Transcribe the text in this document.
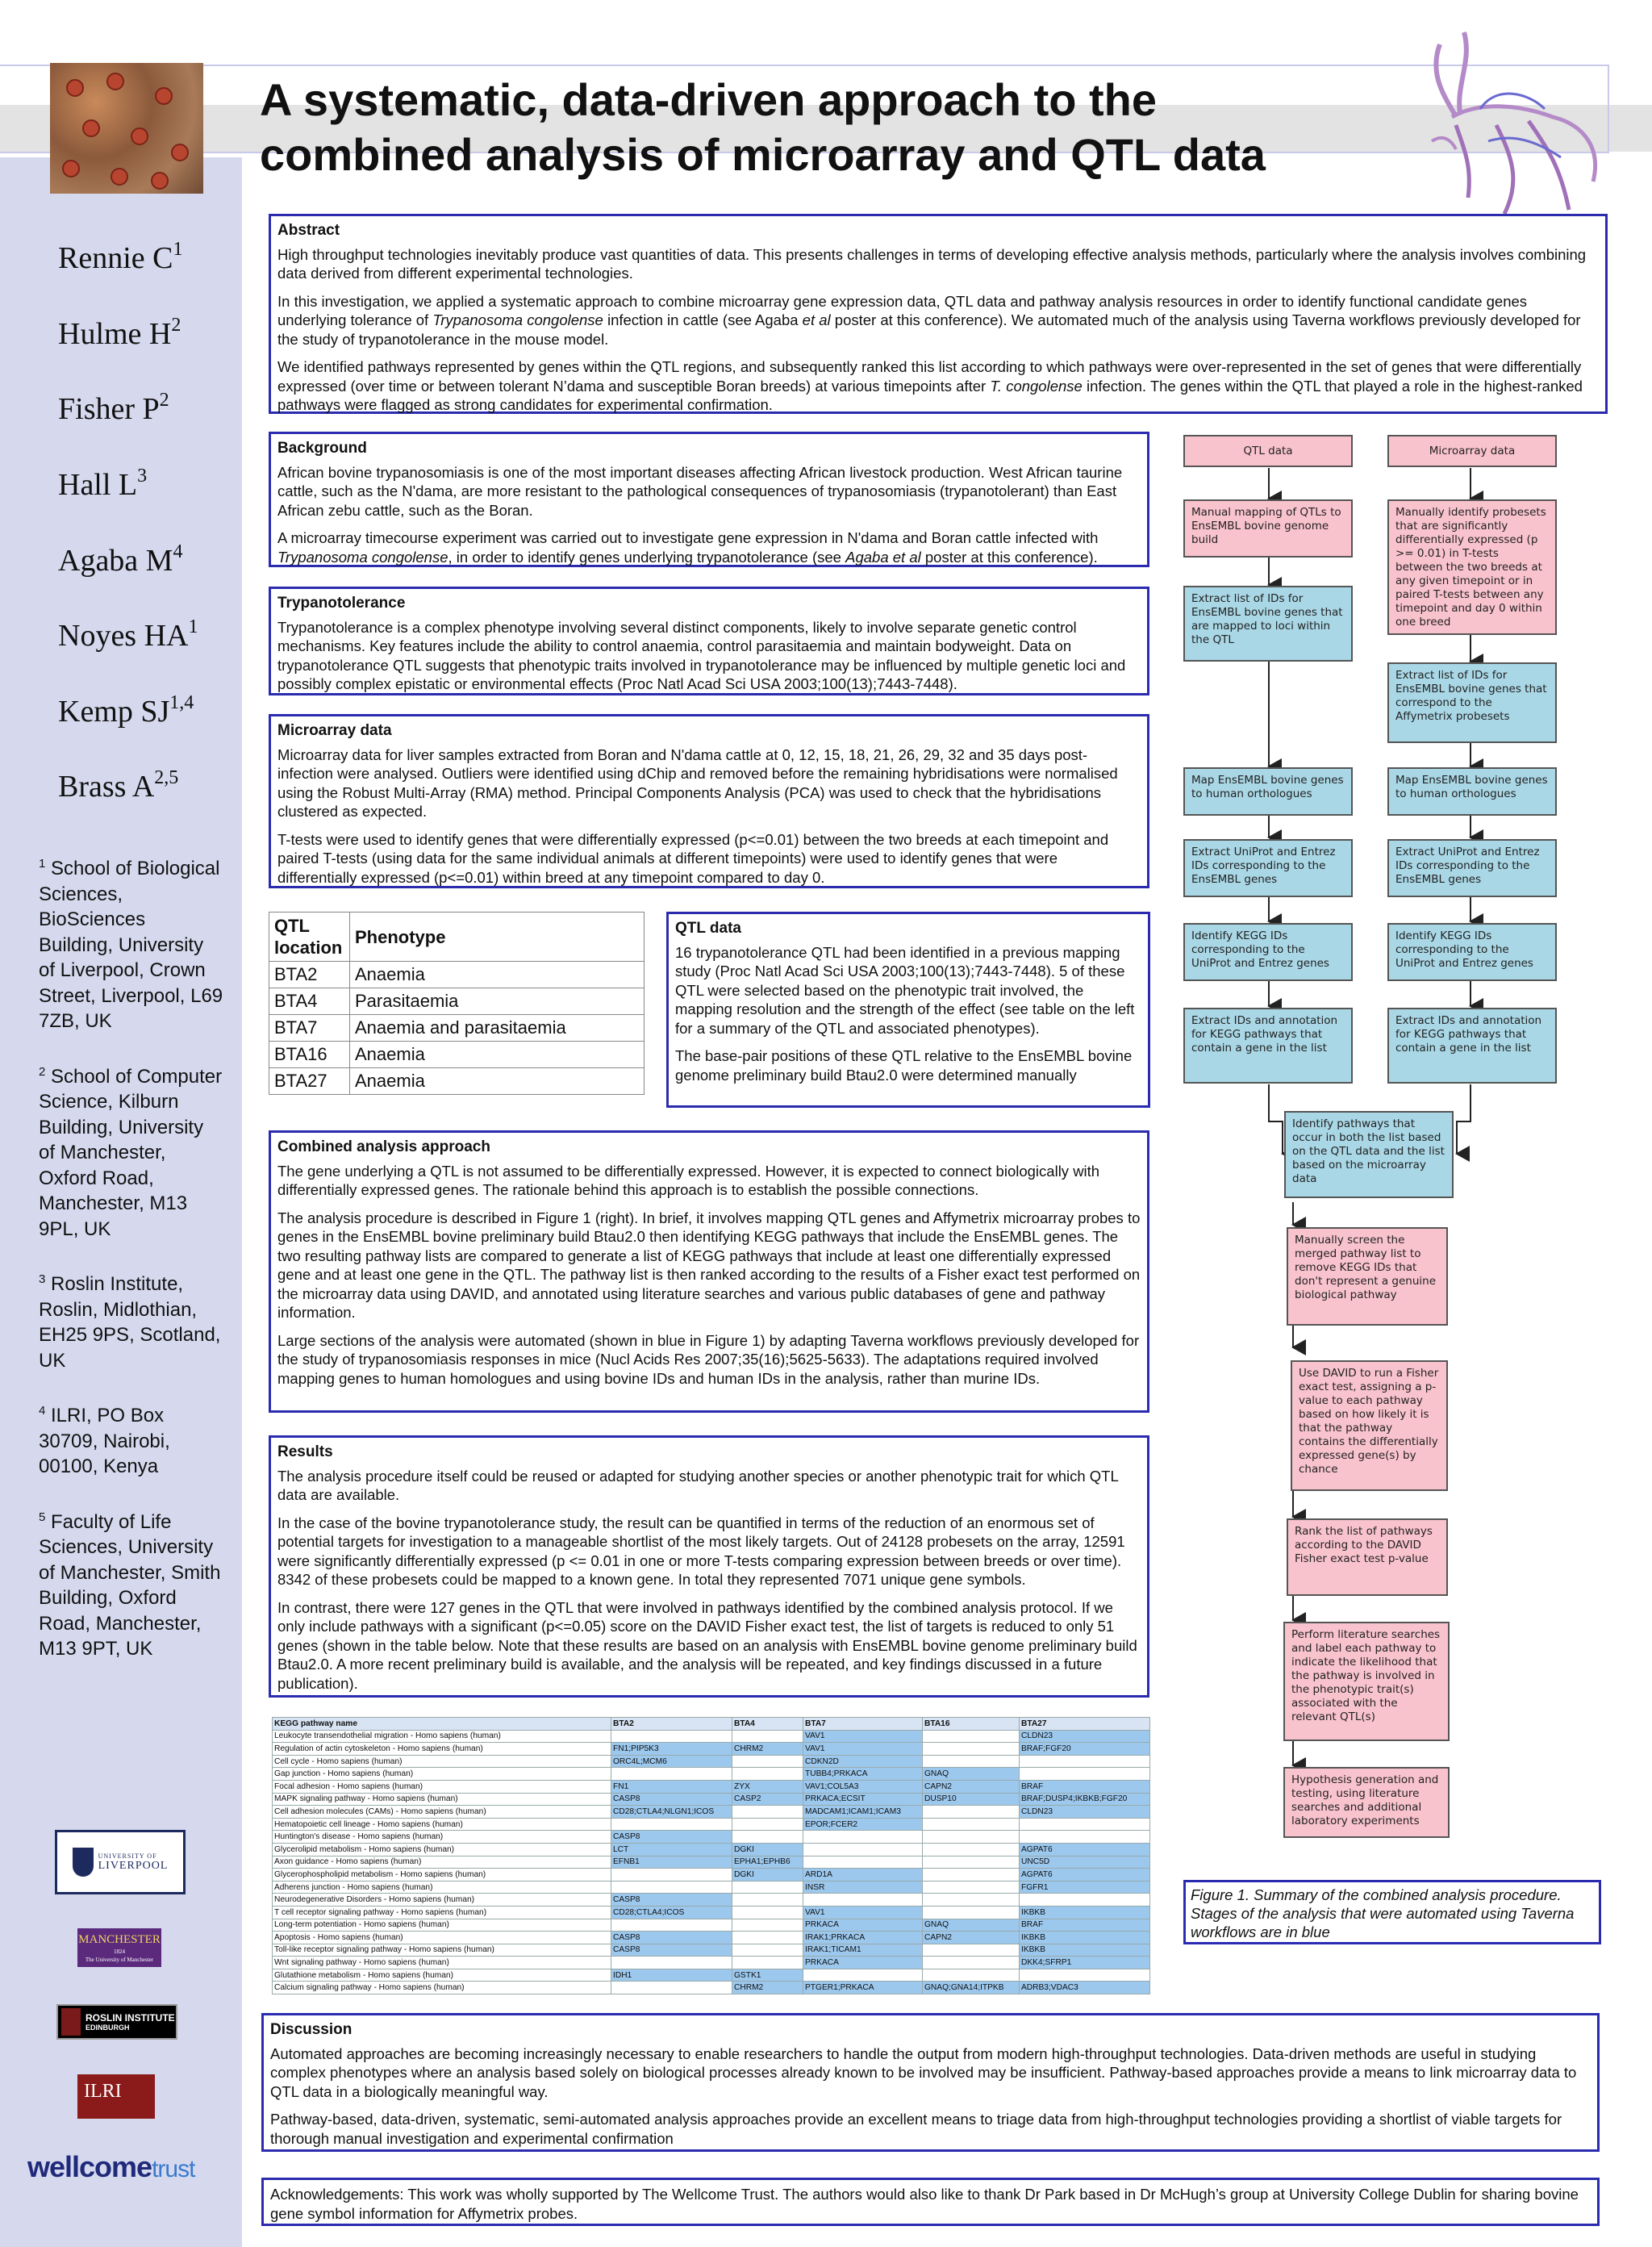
A systematic, data-driven approach to the
combined analysis of microarray and QTL data
Rennie $C^1$
Hulme $H^2$
Fisher $P^2$
Hall $L^3$
Agaba $M^4$
Noyes $HA^1$
Kemp SJ$^{1,4}$
Brass A$^{2,5}$
$^1$ School of Biological Sciences, BioSciences Building, University of Liverpool, Crown Street, Liverpool, L69 7ZB, UK
$^2$ School of Computer Science, Kilburn Building, University of Manchester, Oxford Road, Manchester, M13 9PL, UK
$^3$ Roslin Institute, Roslin, Midlothian, EH25 9PS, Scotland, UK
$^4$ ILRI, PO Box 30709, Nairobi, 00100, Kenya
$^5$ Faculty of Life Sciences, University of Manchester, Smith Building, Oxford Road, Manchester, M13 9PT, UK
UNIVERSITY OF
LIVERPOOL
MANCHESTER
1824
The University of Manchester
ROSLIN INSTITUTE
EDINBURGH
ILRI
wellcometrust
Abstract

High throughput technologies inevitably produce vast quantities of data. This presents challenges in terms of developing effective analysis methods, particularly where the analysis involves combining data derived from different experimental technologies.

In this investigation, we applied a systematic approach to combine microarray gene expression data, QTL data and pathway analysis resources in order to identify functional candidate genes underlying tolerance of Trypanosoma congolense infection in cattle (see Agaba et al poster at this conference). We automated much of the analysis using Taverna workflows previously developed for the study of trypanotolerance in the mouse model.

We identified pathways represented by genes within the QTL regions, and subsequently ranked this list according to which pathways were over-represented in the set of genes that were differentially expressed (over time or between tolerant N’dama and susceptible Boran breeds) at various timepoints after T. congolense infection. The genes within the QTL that played a role in the highest-ranked pathways were flagged as strong candidates for experimental confirmation.

Background

African bovine trypanosomiasis is one of the most important diseases affecting African livestock production. West African taurine cattle, such as the N'dama, are more resistant to the pathological consequences of trypanosomiasis (trypanotolerant) than East African zebu cattle, such as the Boran.

A microarray timecourse experiment was carried out to investigate gene expression in N'dama and Boran cattle infected with Trypanosoma congolense, in order to identify genes underlying trypanotolerance (see Agaba et al poster at this conference).

Trypanotolerance

Trypanotolerance is a complex phenotype involving several distinct components, likely to involve separate genetic control mechanisms. Key features include the ability to control anaemia, control parasitaemia and maintain bodyweight. Data on trypanotolerance QTL suggests that phenotypic traits involved in trypanotolerance may be influenced by multiple genetic loci and possibly complex epistatic or environmental effects (Proc Natl Acad Sci USA 2003;100(13);7443-7448).

Microarray data

Microarray data for liver samples extracted from Boran and N'dama cattle at 0, 12, 15, 18, 21, 26, 29, 32 and 35 days post-infection were analysed. Outliers were identified using dChip and removed before the remaining hybridisations were normalised using the Robust Multi-Array (RMA) method. Principal Components Analysis (PCA) was used to check that the hybridisations clustered as expected.

T-tests were used to identify genes that were differentially expressed (p<=0.01) between the two breeds at each timepoint and paired T-tests (using data for the same individual animals at different timepoints) were used to identify genes that were differentially expressed (p<=0.01) within breed at any timepoint compared to day 0.

QTL location	Phenotype
BTA2	Anaemia
BTA4	Parasitaemia
BTA7	Anaemia and parasitaemia
BTA16	Anaemia
BTA27	Anaemia
QTL data

16 trypanotolerance QTL had been identified in a previous mapping study (Proc Natl Acad Sci USA 2003;100(13);7443-7448). 5 of these QTL were selected based on the phenotypic trait involved, the mapping resolution and the strength of the effect (see table on the left for a summary of the QTL and associated phenotypes).

The base-pair positions of these QTL relative to the EnsEMBL bovine genome preliminary build Btau2.0 were determined manually

Combined analysis approach

The gene underlying a QTL is not assumed to be differentially expressed. However, it is expected to connect biologically with differentially expressed genes. The rationale behind this approach is to establish the possible connections.

The analysis procedure is described in Figure 1 (right). In brief, it involves mapping QTL genes and Affymetrix microarray probes to genes in the EnsEMBL bovine preliminary build Btau2.0 then identifying KEGG pathways that include the EnsEMBL genes. The two resulting pathway lists are compared to generate a list of KEGG pathways that include at least one differentially expressed gene and at least one gene in the QTL. The pathway list is then ranked according to the results of a Fisher exact test performed on the microarray data using DAVID, and annotated using literature searches and various public databases of gene and pathway information.

Large sections of the analysis were automated (shown in blue in Figure 1) by adapting Taverna workflows previously developed for the study of trypanosomiasis responses in mice (Nucl Acids Res 2007;35(16);5625-5633). The adaptations required involved mapping genes to human homologues and using bovine IDs and human IDs in the analysis, rather than murine IDs.

Results

The analysis procedure itself could be reused or adapted for studying another species or another phenotypic trait for which QTL data are available.

In the case of the bovine trypanotolerance study, the result can be quantified in terms of the reduction of an enormous set of potential targets for investigation to a manageable shortlist of the most likely targets. Out of 24128 probesets on the array, 12591 were significantly differentially expressed (p <= 0.01 in one or more T-tests comparing expression between breeds or over time). 8342 of these probesets could be mapped to a known gene. In total they represented 7071 unique gene symbols.

In contrast, there were 127 genes in the QTL that were involved in pathways identified by the combined analysis protocol. If we only include pathways with a significant (p<=0.05) score on the DAVID Fisher exact test, the list of targets is reduced to only 51 genes (shown in the table below. Note that these results are based on an analysis with EnsEMBL bovine genome preliminary build Btau2.0. A more recent preliminary build is available, and the analysis will be repeated, and key findings discussed in a future publication).

KEGG pathway name	BTA2	BTA4	BTA7	BTA16	BTA27
Leukocyte transendothelial migration - Homo sapiens (human)			VAV1		CLDN23
Regulation of actin cytoskeleton - Homo sapiens (human)	FN1;PIP5K3	CHRM2	VAV1		BRAF;FGF20
Cell cycle - Homo sapiens (human)	ORC4L;MCM6		CDKN2D		
Gap junction - Homo sapiens (human)			TUBB4;PRKACA	GNAQ	
Focal adhesion - Homo sapiens (human)	FN1	ZYX	VAV1;COL5A3	CAPN2	BRAF
MAPK signaling pathway - Homo sapiens (human)	CASP8	CASP2	PRKACA;ECSIT	DUSP10	BRAF;DUSP4;IKBKB;FGF20
Cell adhesion molecules (CAMs) - Homo sapiens (human)	CD28;CTLA4;NLGN1;ICOS		MADCAM1;ICAM1;ICAM3		CLDN23
Hematopoietic cell lineage - Homo sapiens (human)			EPOR;FCER2		
Huntington's disease - Homo sapiens (human)	CASP8				
Glycerolipid metabolism - Homo sapiens (human)	LCT	DGKI			AGPAT6
Axon guidance - Homo sapiens (human)	EFNB1	EPHA1;EPHB6			UNC5D
Glycerophospholipid metabolism - Homo sapiens (human)		DGKI	ARD1A		AGPAT6
Adherens junction - Homo sapiens (human)			INSR		FGFR1
Neurodegenerative Disorders - Homo sapiens (human)	CASP8				
T cell receptor signaling pathway - Homo sapiens (human)	CD28;CTLA4;ICOS		VAV1		IKBKB
Long-term potentiation - Homo sapiens (human)			PRKACA	GNAQ	BRAF
Apoptosis - Homo sapiens (human)	CASP8		IRAK1;PRKACA	CAPN2	IKBKB
Toll-like receptor signaling pathway - Homo sapiens (human)	CASP8		IRAK1;TICAM1		IKBKB
Wnt signaling pathway - Homo sapiens (human)			PRKACA		DKK4;SFRP1
Glutathione metabolism - Homo sapiens (human)	IDH1	GSTK1			
Calcium signaling pathway - Homo sapiens (human)		CHRM2	PTGER1;PRKACA	GNAQ;GNA14;ITPKB	ADRB3;VDAC3
QTL data	Microarray data
Manual mapping of QTLs to EnsEMBL bovine genome build
Extract list of IDs for EnsEMBL bovine genes that are mapped to loci within the QTL
Manually identify probesets that are significantly differentially expressed (p >= 0.01) in T-tests between the two breeds at any given timepoint or in paired T-tests between any timepoint and day 0 within one breed
Extract list of IDs for EnsEMBL bovine genes that correspond to the Affymetrix probesets
Map EnsEMBL bovine genes to human orthologues
Map EnsEMBL bovine genes to human orthologues
Extract UniProt and Entrez IDs corresponding to the EnsEMBL genes
Extract UniProt and Entrez IDs corresponding to the EnsEMBL genes
Identify KEGG IDs corresponding to the UniProt and Entrez genes
Identify KEGG IDs corresponding to the UniProt and Entrez genes
Extract IDs and annotation for KEGG pathways that contain a gene in the list
Extract IDs and annotation for KEGG pathways that contain a gene in the list
Identify pathways that occur in both the list based on the QTL data and the list based on the microarray data
Manually screen the merged pathway list to remove KEGG IDs that don't represent a genuine biological pathway
Use DAVID to run a Fisher exact test, assigning a p-value to each pathway based on how likely it is that the pathway contains the differentially expressed gene(s) by chance
Rank the list of pathways according to the DAVID Fisher exact test p-value
Perform literature searches and label each pathway to indicate the likelihood that the pathway is involved in the phenotypic trait(s) associated with the relevant QTL(s)
Hypothesis generation and testing, using literature searches and additional laboratory experiments
Figure 1. Summary of the combined analysis procedure. Stages of the analysis that were automated using Taverna workflows are in blue
Discussion

Automated approaches are becoming increasingly necessary to enable researchers to handle the output from modern high-throughput technologies. Data-driven methods are useful in studying complex phenotypes where an analysis based solely on biological processes already known to be involved may be insufficient. Pathway-based approaches provide a means to link microarray data to QTL data in a biologically meaningful way.

Pathway-based, data-driven, systematic, semi-automated analysis approaches provide an excellent means to triage data from high-throughput technologies providing a shortlist of viable targets for thorough manual investigation and experimental confirmation

Acknowledgements: This work was wholly supported by The Wellcome Trust. The authors would also like to thank Dr Park based in Dr McHugh’s group at University College Dublin for sharing bovine gene symbol information for Affymetrix probes.
